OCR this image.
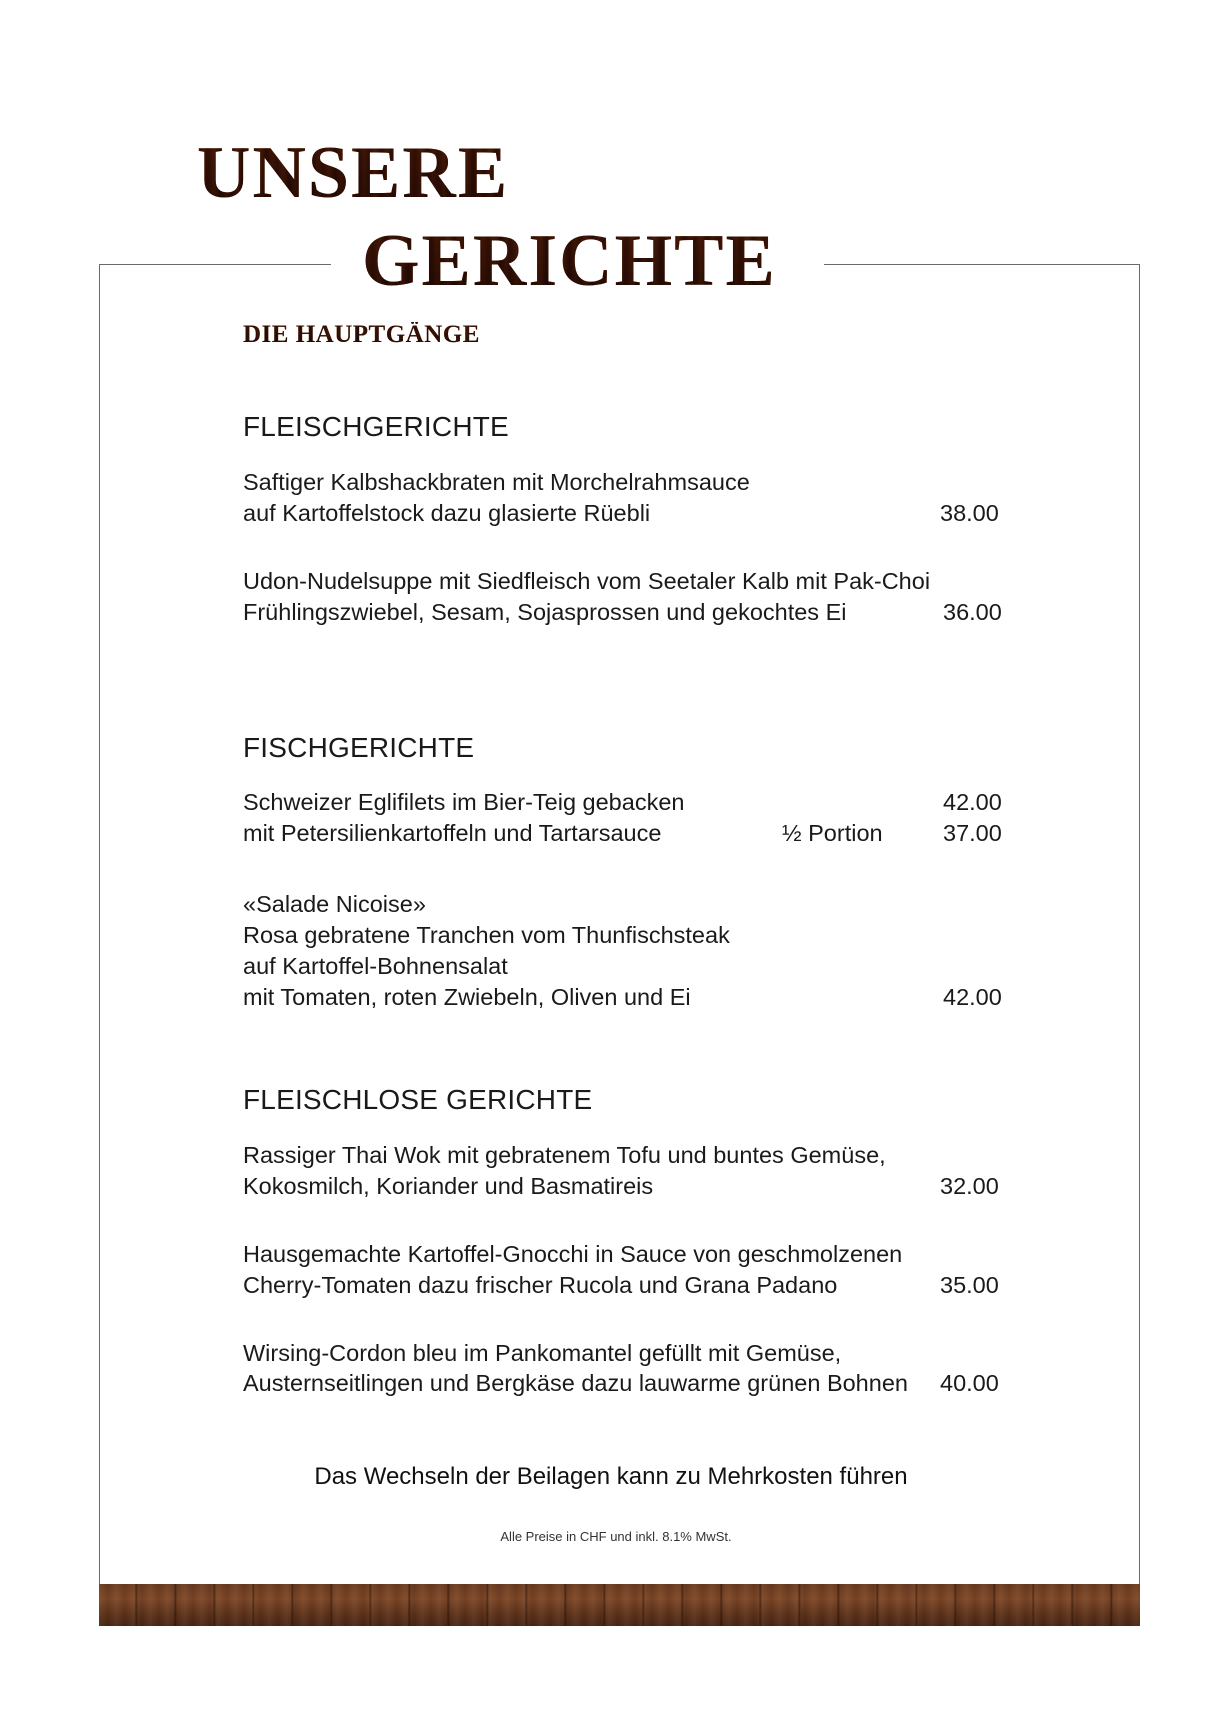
UNSERE
GERICHTE
DIE HAUPTGÄNGE
FLEISCHGERICHTE
Saftiger Kalbshackbraten mit Morchelrahmsauce
auf Kartoffelstock dazu glasierte Rüebli	38.00
Udon-Nudelsuppe mit Siedfleisch vom Seetaler Kalb mit Pak-Choi
Frühlingszwiebel, Sesam, Sojasprossen und gekochtes Ei	36.00
FISCHGERICHTE
Schweizer Eglifilets im Bier-Teig gebacken	42.00
mit Petersilienkartoffeln und Tartarsauce	½ Portion	37.00
«Salade Nicoise»
Rosa gebratene Tranchen vom Thunfischsteak
auf Kartoffel-Bohnensalat
mit Tomaten, roten Zwiebeln, Oliven und Ei	42.00
FLEISCHLOSE GERICHTE
Rassiger Thai Wok mit gebratenem Tofu und buntes Gemüse,
Kokosmilch, Koriander und Basmatireis	32.00
Hausgemachte Kartoffel-Gnocchi in Sauce von geschmolzenen
Cherry-Tomaten dazu frischer Rucola und Grana Padano	35.00
Wirsing-Cordon bleu im Pankomantel gefüllt mit Gemüse,
Austernseitlingen und Bergkäse dazu lauwarme grünen Bohnen 40.00
Das Wechseln der Beilagen kann zu Mehrkosten führen
Alle Preise in CHF und inkl. 8.1% MwSt.
